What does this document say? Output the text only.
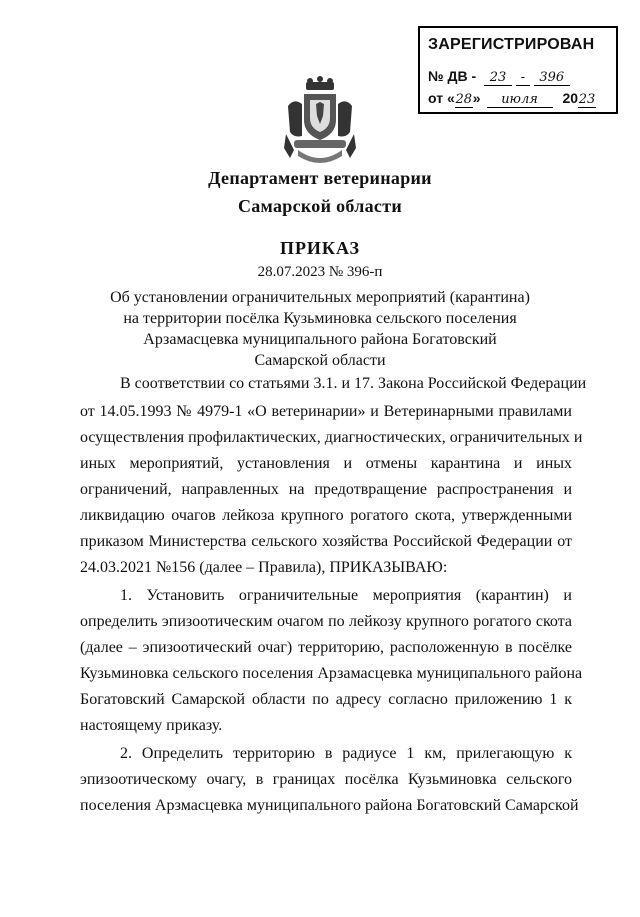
ЗАРЕГИСТРИРОВАН
№ ДВ - 23 - 396
от «28» июля 2023
Департамент ветеринарии
Самарской области
ПРИКАЗ
28.07.2023 № 396-п
Об установлении ограничительных мероприятий (карантина)
на территории посёлка Кузьминовка сельского поселения
Арзамасцевка муниципального района Богатовский
Самарской области
В соответствии со статьями 3.1. и 17. Закона Российской Федерации
от 14.05.1993 № 4979-1 «О ветеринарии» и Ветеринарными правилами
осуществления профилактических, диагностических, ограничительных и
иных мероприятий, установления и отмены карантина и иных
ограничений, направленных на предотвращение распространения и
ликвидацию очагов лейкоза крупного рогатого скота, утвержденными
приказом Министерства сельского хозяйства Российской Федерации от
24.03.2021 №156 (далее – Правила), ПРИКАЗЫВАЮ:
1. Установить ограничительные мероприятия (карантин) и
определить эпизоотическим очагом по лейкозу крупного рогатого скота
(далее – эпизоотический очаг) территорию, расположенную в посёлке
Кузьминовка сельского поселения Арзамасцевка муниципального района
Богатовский Самарской области по адресу согласно приложению 1 к
настоящему приказу.
2. Определить территорию в радиусе 1 км, прилегающую к
эпизоотическому очагу, в границах посёлка Кузьминовка сельского
поселения Арзмасцевка муниципального района Богатовский Самарской
